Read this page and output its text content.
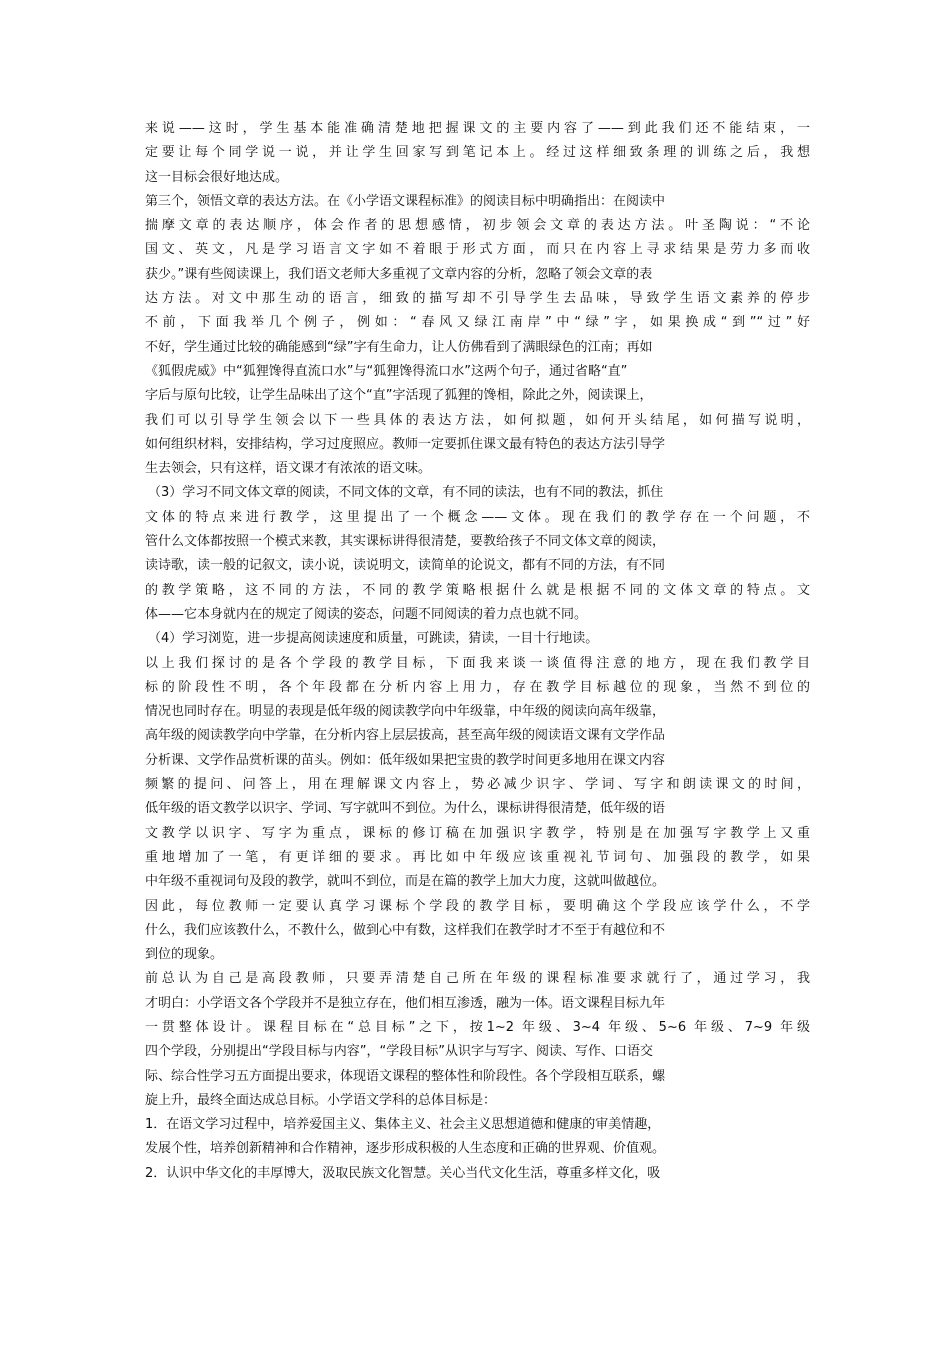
来说——这时，学生基本能准确清楚地把握课文的主要内容了——到此我们还不能结束，一
定要让每个同学说一说，并让学生回家写到笔记本上。经过这样细致条理的训练之后，我想
这一目标会很好地达成。
第三个，领悟文章的表达方法。在《小学语文课程标准》的阅读目标中明确指出：在阅读中
揣摩文章的表达顺序，体会作者的思想感情，初步领会文章的表达方法。叶圣陶说：“不论
国文、英文，凡是学习语言文字如不着眼于形式方面，而只在内容上寻求结果是劳力多而收
获少。”课有些阅读课上，我们语文老师大多重视了文章内容的分析，忽略了领会文章的表
达方法。对文中那生动的语言，细致的描写却不引导学生去品味，导致学生语文素养的停步
不前，下面我举几个例子，例如：“春风又绿江南岸”中“绿”字，如果换成“到”“过”好
不好，学生通过比较的确能感到“绿”字有生命力，让人仿佛看到了满眼绿色的江南；再如
《狐假虎威》中“狐狸馋得直流口水”与“狐狸馋得流口水”这两个句子，通过省略“直”
字后与原句比较，让学生品味出了这个“直”字活现了狐狸的馋相，除此之外，阅读课上，
我们可以引导学生领会以下一些具体的表达方法，如何拟题，如何开头结尾，如何描写说明，
如何组织材料，安排结构，学习过度照应。教师一定要抓住课文最有特色的表达方法引导学
生去领会，只有这样，语文课才有浓浓的语文味。
（3）学习不同文体文章的阅读，不同文体的文章，有不同的读法，也有不同的教法，抓住
文体的特点来进行教学，这里提出了一个概念——文体。现在我们的教学存在一个问题，不
管什么文体都按照一个模式来教，其实课标讲得很清楚，要教给孩子不同文体文章的阅读，
读诗歌，读一般的记叙文，读小说，读说明文，读简单的论说文，都有不同的方法，有不同
的教学策略，这不同的方法，不同的教学策略根据什么就是根据不同的文体文章的特点。文
体——它本身就内在的规定了阅读的姿态，问题不同阅读的着力点也就不同。
（4）学习浏览，进一步提高阅读速度和质量，可跳读，猜读，一目十行地读。
以上我们探讨的是各个学段的教学目标，下面我来谈一谈值得注意的地方，现在我们教学目
标的阶段性不明，各个年段都在分析内容上用力，存在教学目标越位的现象，当然不到位的
情况也同时存在。明显的表现是低年级的阅读教学向中年级靠，中年级的阅读向高年级靠，
高年级的阅读教学向中学靠，在分析内容上层层拔高，甚至高年级的阅读语文课有文学作品
分析课、文学作品赏析课的苗头。例如：低年级如果把宝贵的教学时间更多地用在课文内容
频繁的提问、问答上，用在理解课文内容上，势必减少识字、学词、写字和朗读课文的时间，
低年级的语文教学以识字、学词、写字就叫不到位。为什么，课标讲得很清楚，低年级的语
文教学以识字、写字为重点，课标的修订稿在加强识字教学，特别是在加强写字教学上又重
重地增加了一笔，有更详细的要求。再比如中年级应该重视礼节词句、加强段的教学，如果
中年级不重视词句及段的教学，就叫不到位，而是在篇的教学上加大力度，这就叫做越位。
因此，每位教师一定要认真学习课标个学段的教学目标，要明确这个学段应该学什么，不学
什么，我们应该教什么，不教什么，做到心中有数，这样我们在教学时才不至于有越位和不
到位的现象。
前总认为自己是高段教师，只要弄清楚自己所在年级的课程标准要求就行了，通过学习，我
才明白：小学语文各个学段并不是独立存在，他们相互渗透，融为一体。语文课程目标九年
一贯整体设计。课程目标在“总目标”之下，按1~2 年级、3~4 年级、5~6 年级、7~9 年级
四个学段，分别提出“学段目标与内容”，“学段目标”从识字与写字、阅读、写作、口语交
际、综合性学习五方面提出要求，体现语文课程的整体性和阶段性。各个学段相互联系，螺
旋上升，最终全面达成总目标。小学语文学科的总体目标是：
1．在语文学习过程中，培养爱国主义、集体主义、社会主义思想道德和健康的审美情趣，
发展个性，培养创新精神和合作精神，逐步形成积极的人生态度和正确的世界观、价值观。
2．认识中华文化的丰厚博大，汲取民族文化智慧。关心当代文化生活，尊重多样文化，吸
